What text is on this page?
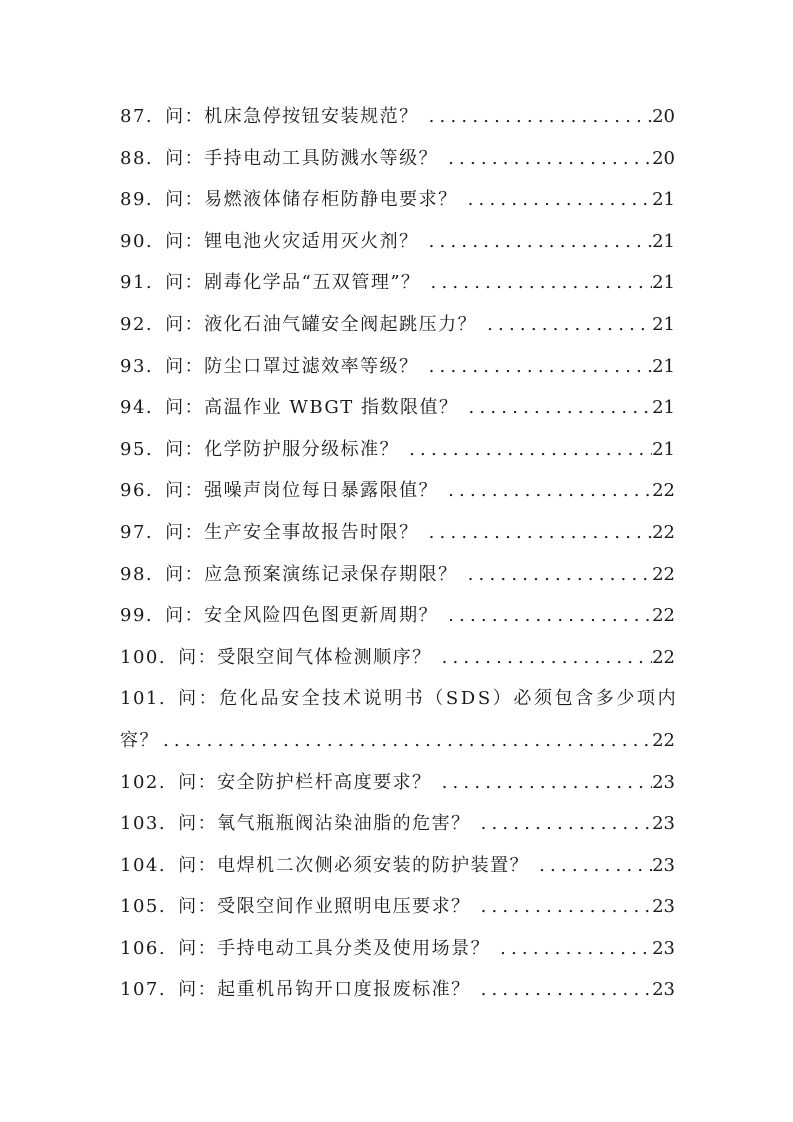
87. 问：机床急停按钮安装规范？ .....	20
88. 问：手持电动工具防溅水等级？ .....	20
89. 问：易燃液体储存柜防静电要求？ .....	21
90. 问：锂电池火灾适用灭火剂？ .....	21
91. 问：剧毒化学品“五双管理”？ .....	21
92. 问：液化石油气罐安全阀起跳压力？ .....	21
93. 问：防尘口罩过滤效率等级？ .....	21
94. 问：高温作业 WBGT 指数限值？ .....	21
95. 问：化学防护服分级标准？ .....	21
96. 问：强噪声岗位每日暴露限值？ .....	22
97. 问：生产安全事故报告时限？ .....	22
98. 问：应急预案演练记录保存期限？ .....	22
99. 问：安全风险四色图更新周期？ .....	22
100. 问：受限空间气体检测顺序？ .....	22
101. 问：危化品安全技术说明书（SDS）必须包含多少项内
容？ .....	22
102. 问：安全防护栏杆高度要求？ .....	23
103. 问：氧气瓶瓶阀沾染油脂的危害？ .....	23
104. 问：电焊机二次侧必须安装的防护装置？ .....	23
105. 问：受限空间作业照明电压要求？ .....	23
106. 问：手持电动工具分类及使用场景？ .....	23
107. 问：起重机吊钩开口度报废标准？ .....	23
